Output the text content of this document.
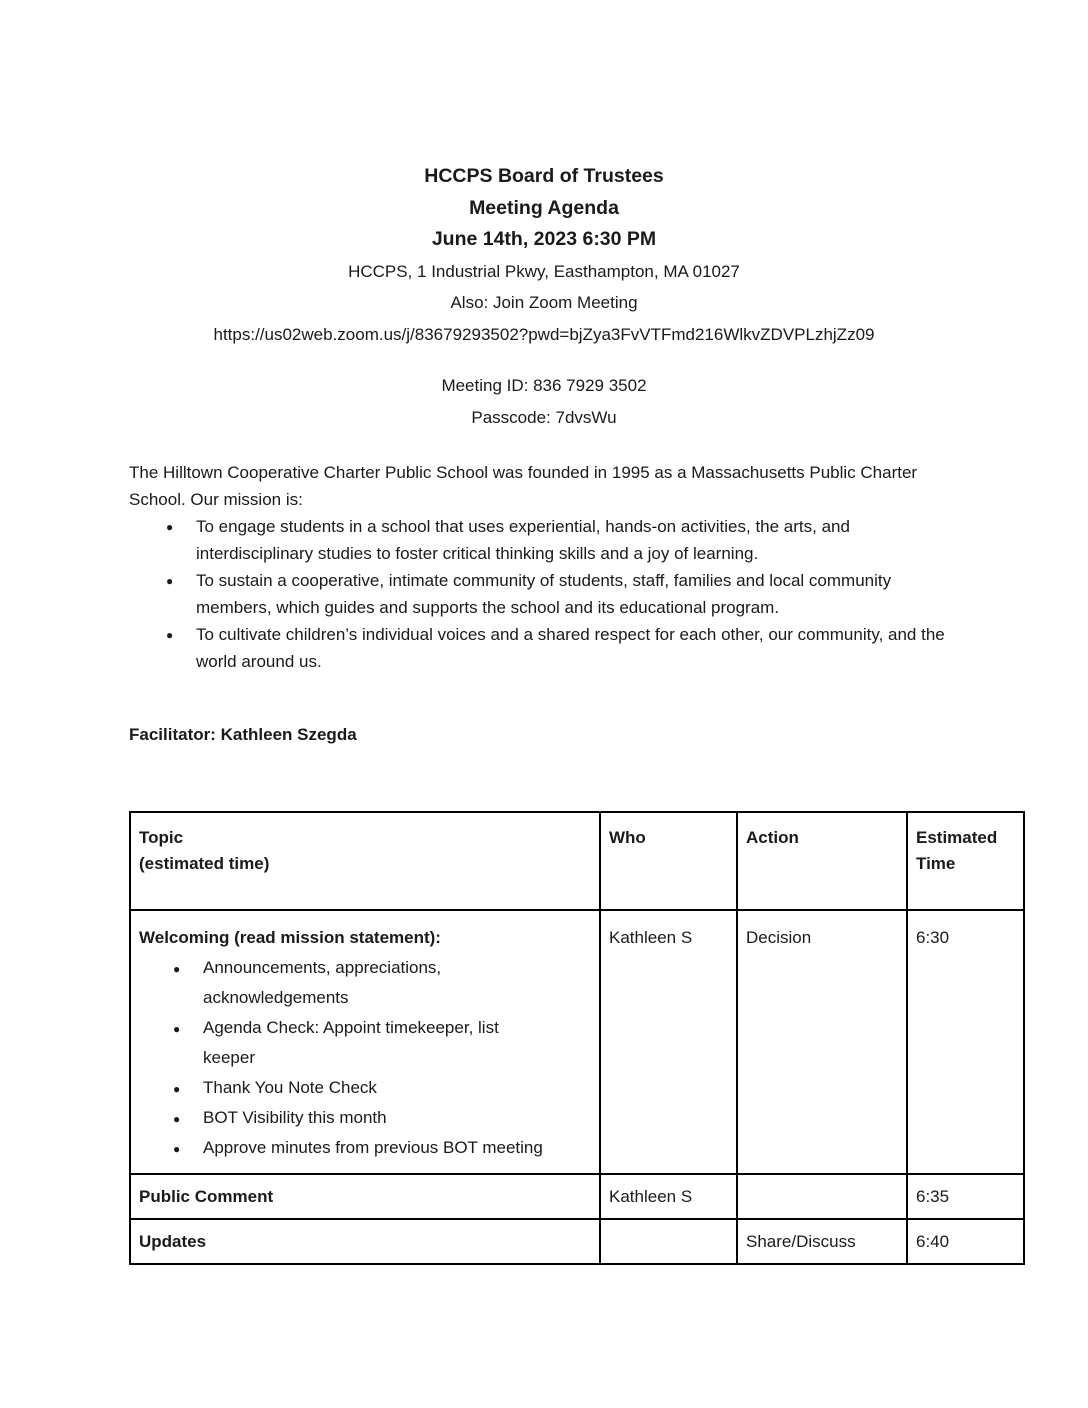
HCCPS Board of Trustees
Meeting Agenda
June 14th, 2023 6:30 PM
HCCPS, 1 Industrial Pkwy, Easthampton, MA 01027
Also: Join Zoom Meeting
https://us02web.zoom.us/j/83679293502?pwd=bjZya3FvVTFmd216WlkvZDVPLzhjZz09
Meeting ID: 836 7929 3502
Passcode: 7dvsWu

The Hilltown Cooperative Charter Public School was founded in 1995 as a Massachusetts Public Charter School. Our mission is:

● To engage students in a school that uses experiential, hands-on activities, the arts, and interdisciplinary studies to foster critical thinking skills and a joy of learning.
● To sustain a cooperative, intimate community of students, staff, families and local community members, which guides and supports the school and its educational program.
● To cultivate children’s individual voices and a shared respect for each other, our community, and the world around us.

Facilitator: Kathleen Szegda

Topic
(estimated time)	Who	Action	Estimated Time

Welcoming (read mission statement):
● Announcements, appreciations, acknowledgements
● Agenda Check: Appoint timekeeper, list keeper
● Thank You Note Check
● BOT Visibility this month
● Approve minutes from previous BOT meeting
	Kathleen S	Decision	6:30
Public Comment	Kathleen S		6:35
Updates		Share/Discuss	6:40
